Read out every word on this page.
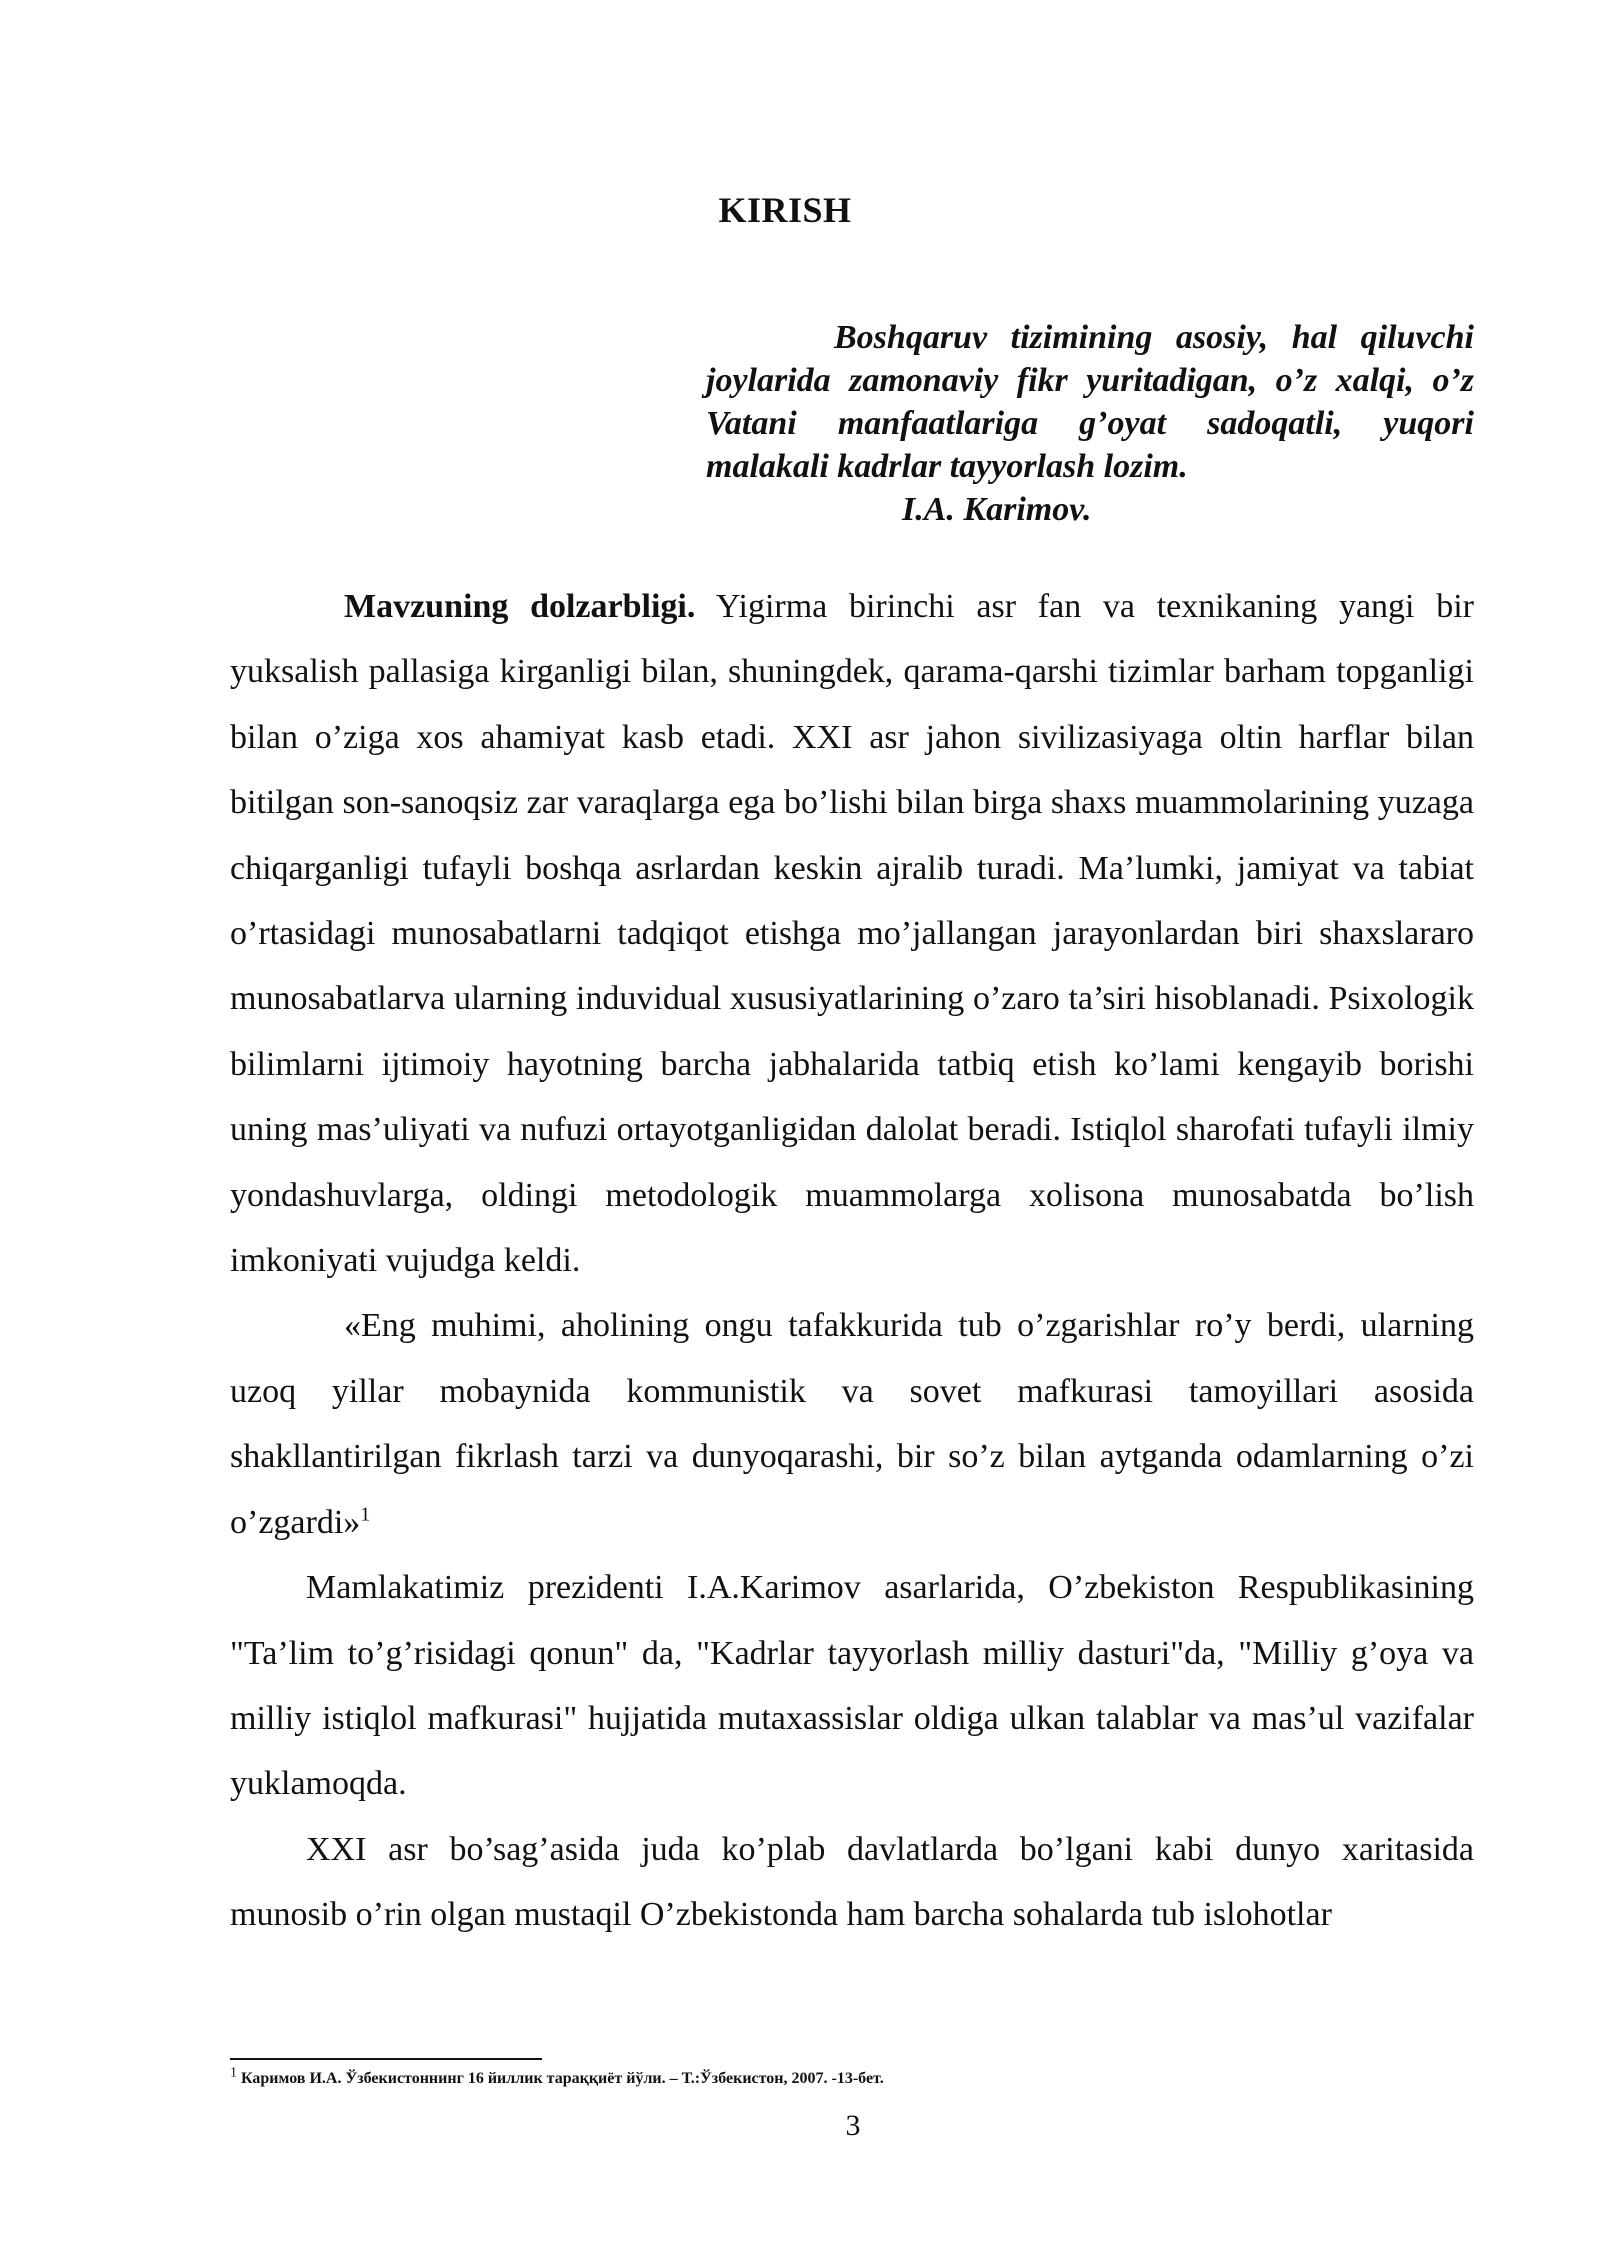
KIRISH

Boshqaruv tizimining asosiy, hal qiluvchi joylarida zamonaviy fikr yuritadigan, o’z xalqi, o’z Vatani manfaatlariga g’oyat sadoqatli, yuqori malakali kadrlar tayyorlash lozim.

I.A. Karimov.

Mavzuning dolzarbligi. Yigirma birinchi asr fan va texnikaning yangi bir yuksalish pallasiga kirganligi bilan, shuningdek, qarama-qarshi tizimlar barham topganligi bilan o’ziga xos ahamiyat kasb etadi. XXI asr jahon sivilizasiyaga oltin harflar bilan bitilgan son-sanoqsiz zar varaqlarga ega bo’lishi bilan birga shaxs muammolarining yuzaga chiqarganligi tufayli boshqa asrlardan keskin ajralib turadi. Ma’lumki, jamiyat va tabiat o’rtasidagi munosabatlarni tadqiqot etishga mo’jallangan jarayonlardan biri shaxslararo munosabatlarva ularning induvidual xususiyatlarining o’zaro ta’siri hisoblanadi. Psixologik bilimlarni ijtimoiy hayotning barcha jabhalarida tatbiq etish ko’lami kengayib borishi uning mas’uliyati va nufuzi ortayotganligidan dalolat beradi. Istiqlol sharofati tufayli ilmiy yondashuvlarga, oldingi metodologik muammolarga xolisona munosabatda bo’lish imkoniyati vujudga keldi.

«Eng muhimi, aholining ongu tafakkurida tub o’zgarishlar ro’y berdi, ularning uzoq yillar mobaynida kommunistik va sovet mafkurasi tamoyillari asosida shakllantirilgan fikrlash tarzi va dunyoqarashi, bir so’z bilan aytganda odamlarning o’zi o’zgardi»$^1$

Mamlakatimiz prezidenti I.A.Karimov asarlarida, O’zbekiston Respublikasining "Ta’lim to’g’risidagi qonun" da, "Kadrlar tayyorlash milliy dasturi"da, "Milliy g’oya va milliy istiqlol mafkurasi" hujjatida mutaxassislar oldiga ulkan talablar va mas’ul vazifalar yuklamoqda.

XXI asr bo’sag’asida juda ko’plab davlatlarda bo’lgani kabi dunyo xaritasida munosib o’rin olgan mustaqil O’zbekistonda ham barcha sohalarda tub islohotlar

$^1$ Каримов И.А. Ўзбекистоннинг 16 йиллик тараққиёт йўли. – Т.:Ўзбекистон, 2007. -13-бет.
3
